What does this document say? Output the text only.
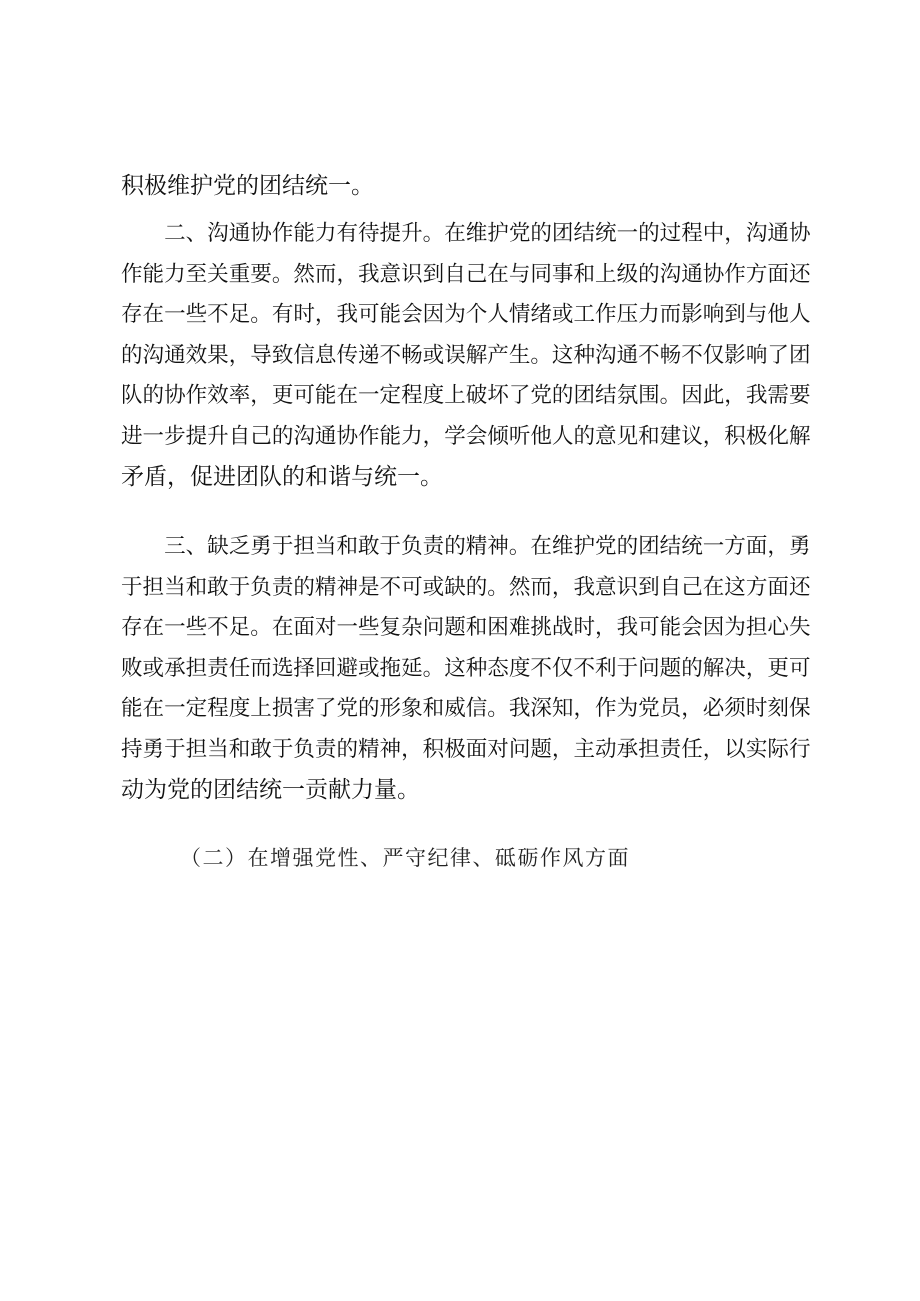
积极维护党的团结统一。
　　二、沟通协作能力有待提升。在维护党的团结统一的过程中，沟通协
作能力至关重要。然而，我意识到自己在与同事和上级的沟通协作方面还
存在一些不足。有时，我可能会因为个人情绪或工作压力而影响到与他人
的沟通效果，导致信息传递不畅或误解产生。这种沟通不畅不仅影响了团
队的协作效率，更可能在一定程度上破坏了党的团结氛围。因此，我需要
进一步提升自己的沟通协作能力，学会倾听他人的意见和建议，积极化解
矛盾，促进团队的和谐与统一。
　　三、缺乏勇于担当和敢于负责的精神。在维护党的团结统一方面，勇
于担当和敢于负责的精神是不可或缺的。然而，我意识到自己在这方面还
存在一些不足。在面对一些复杂问题和困难挑战时，我可能会因为担心失
败或承担责任而选择回避或拖延。这种态度不仅不利于问题的解决，更可
能在一定程度上损害了党的形象和威信。我深知，作为党员，必须时刻保
持勇于担当和敢于负责的精神，积极面对问题，主动承担责任，以实际行
动为党的团结统一贡献力量。
（二）在增强党性、严守纪律、砥砺作风方面
